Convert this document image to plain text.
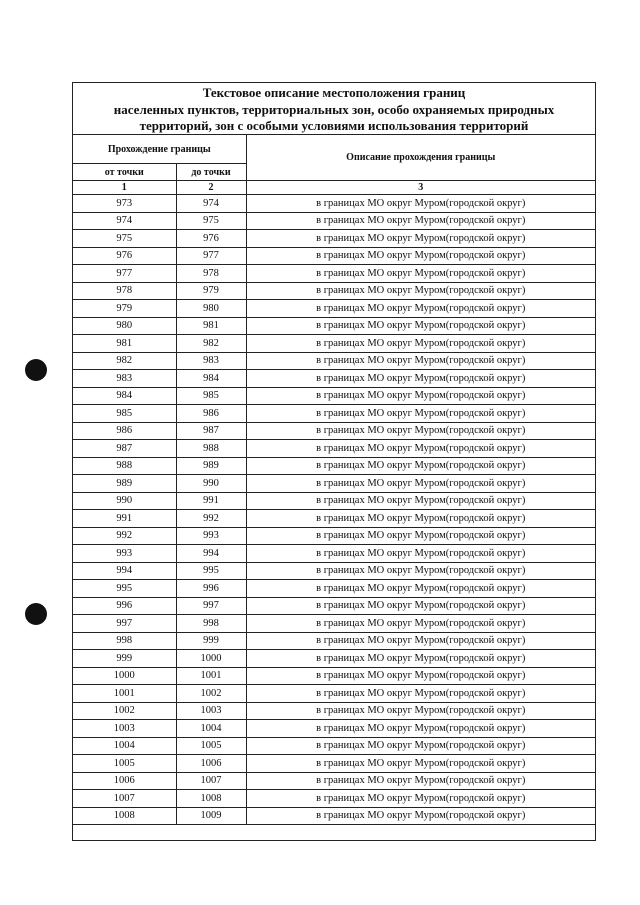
Текстовое описание местоположения границ
населенных пунктов, территориальных зон, особо охраняемых природных
территорий, зон с особыми условиями использования территорий
Прохождение границы		Описание прохождения границы
от точки	до точки	
1	2	3
973	974	в границах МО округ Муром(городской округ)
974	975	в границах МО округ Муром(городской округ)
975	976	в границах МО округ Муром(городской округ)
976	977	в границах МО округ Муром(городской округ)
977	978	в границах МО округ Муром(городской округ)
978	979	в границах МО округ Муром(городской округ)
979	980	в границах МО округ Муром(городской округ)
980	981	в границах МО округ Муром(городской округ)
981	982	в границах МО округ Муром(городской округ)
982	983	в границах МО округ Муром(городской округ)
983	984	в границах МО округ Муром(городской округ)
984	985	в границах МО округ Муром(городской округ)
985	986	в границах МО округ Муром(городской округ)
986	987	в границах МО округ Муром(городской округ)
987	988	в границах МО округ Муром(городской округ)
988	989	в границах МО округ Муром(городской округ)
989	990	в границах МО округ Муром(городской округ)
990	991	в границах МО округ Муром(городской округ)
991	992	в границах МО округ Муром(городской округ)
992	993	в границах МО округ Муром(городской округ)
993	994	в границах МО округ Муром(городской округ)
994	995	в границах МО округ Муром(городской округ)
995	996	в границах МО округ Муром(городской округ)
996	997	в границах МО округ Муром(городской округ)
997	998	в границах МО округ Муром(городской округ)
998	999	в границах МО округ Муром(городской округ)
999	1000	в границах МО округ Муром(городской округ)
1000	1001	в границах МО округ Муром(городской округ)
1001	1002	в границах МО округ Муром(городской округ)
1002	1003	в границах МО округ Муром(городской округ)
1003	1004	в границах МО округ Муром(городской округ)
1004	1005	в границах МО округ Муром(городской округ)
1005	1006	в границах МО округ Муром(городской округ)
1006	1007	в границах МО округ Муром(городской округ)
1007	1008	в границах МО округ Муром(городской округ)
1008	1009	в границах МО округ Муром(городской округ)
